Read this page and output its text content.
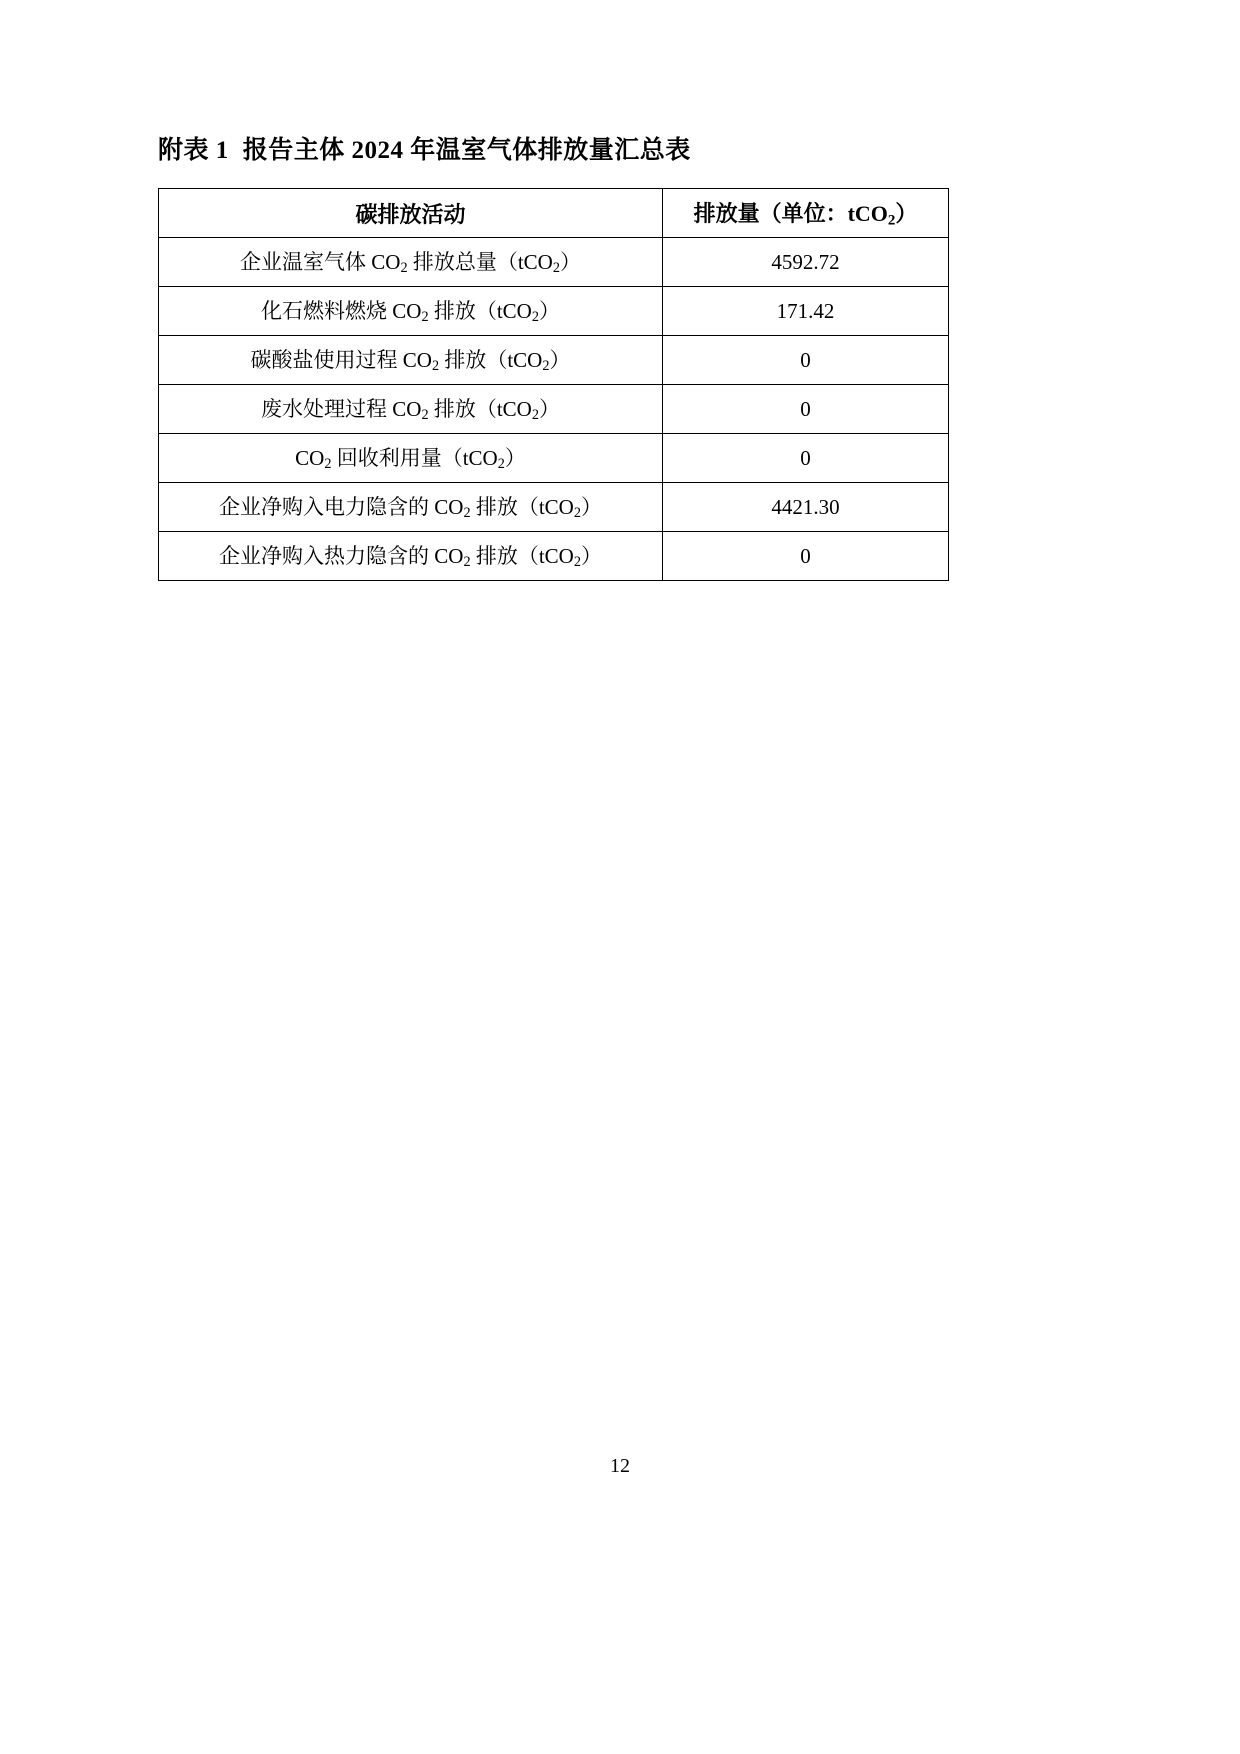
附表 1 报告主体 2024 年温室气体排放量汇总表
碳排放活动	排放量（单位：tCO$_2$）
企业温室气体 $CO_2$ 排放总量（tCO$_2$）	4592.72
化石燃料燃烧 $CO_2$ 排放（tCO$_2$）	171.42
碳酸盐使用过程 $CO_2$ 排放（tCO$_2$）	0
废水处理过程 $CO_2$ 排放（tCO$_2$）	0
$CO_2$ 回收利用量（tCO$_2$）	0
企业净购入电力隐含的 $CO_2$ 排放（tCO$_2$）	4421.30
企业净购入热力隐含的 $CO_2$ 排放（tCO$_2$）	0
12
